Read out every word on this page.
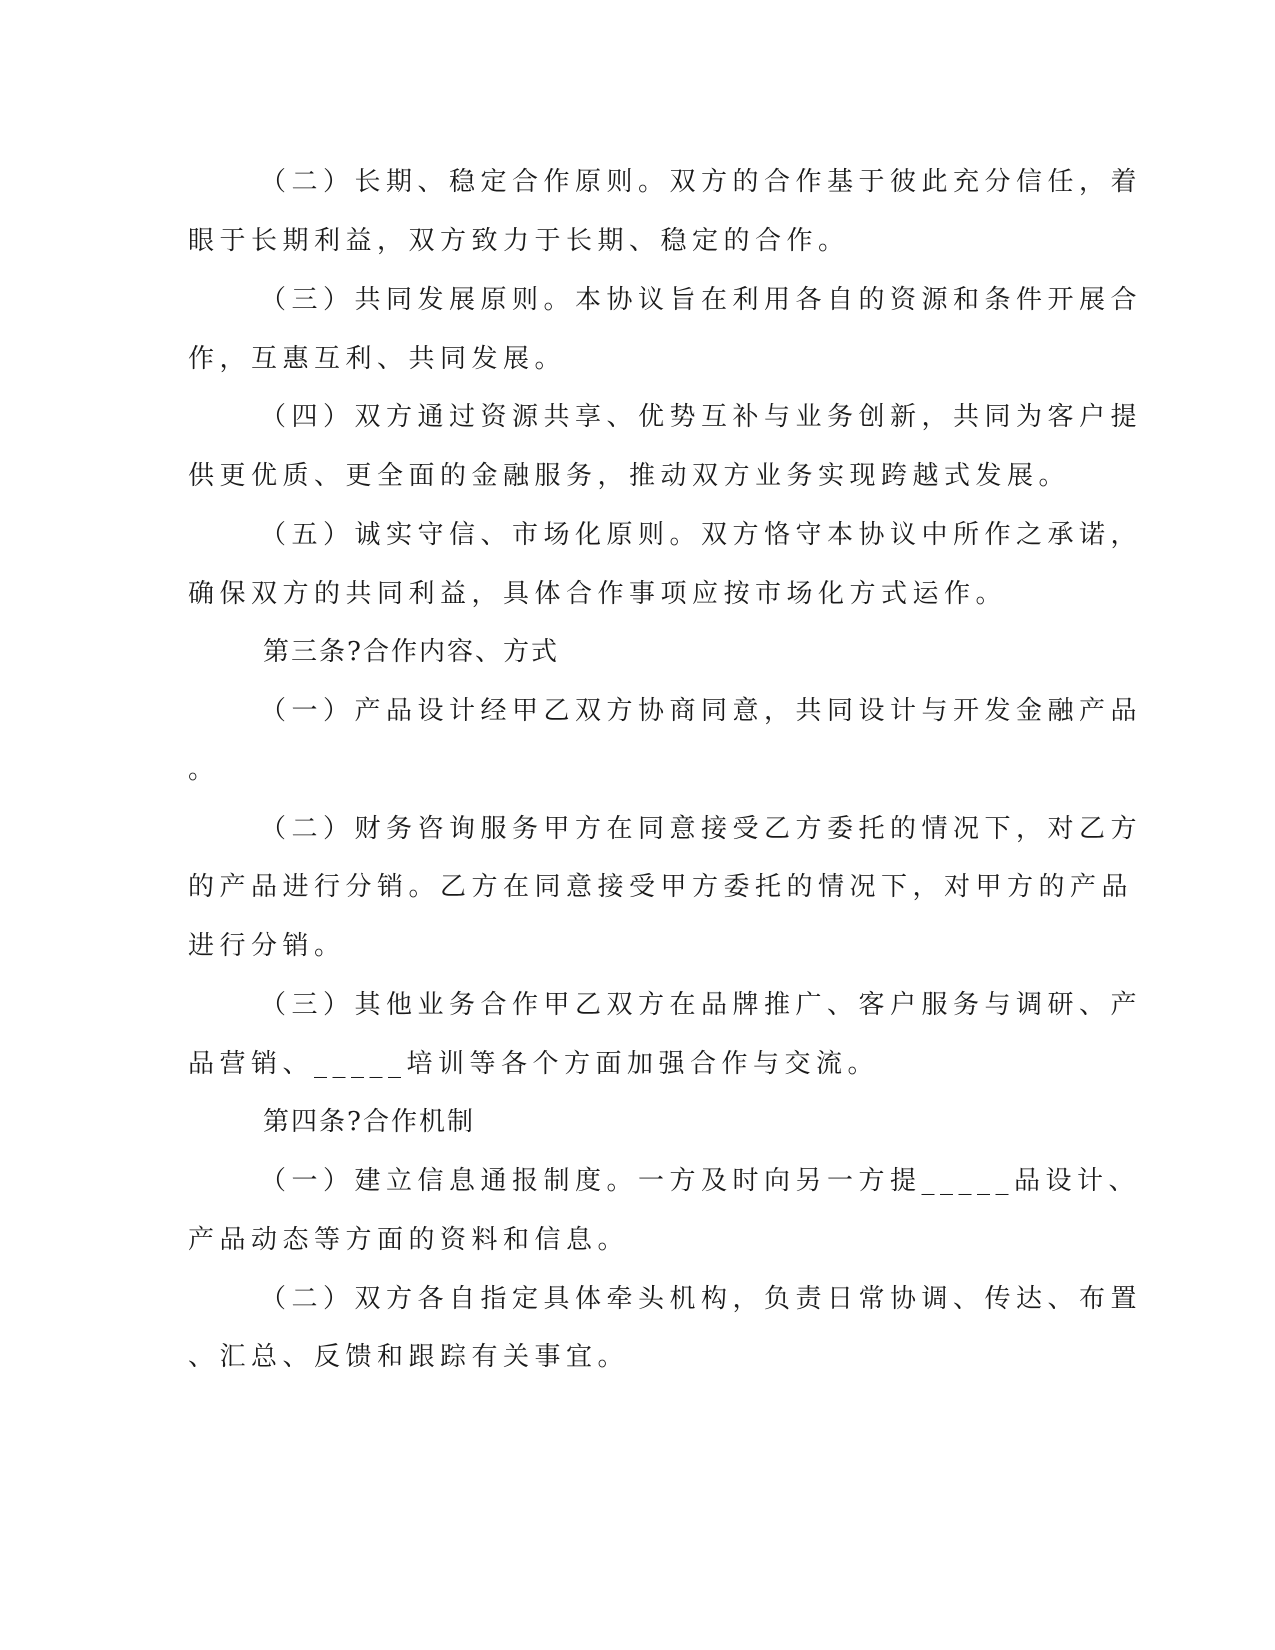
（二）长期、稳定合作原则。双方的合作基于彼此充分信任，着
眼于长期利益，双方致力于长期、稳定的合作。
（三）共同发展原则。本协议旨在利用各自的资源和条件开展合
作，互惠互利、共同发展。
（四）双方通过资源共享、优势互补与业务创新，共同为客户提
供更优质、更全面的金融服务，推动双方业务实现跨越式发展。
（五）诚实守信、市场化原则。双方恪守本协议中所作之承诺，
确保双方的共同利益，具体合作事项应按市场化方式运作。
第三条?合作内容、方式
（一）产品设计经甲乙双方协商同意，共同设计与开发金融产品
。
（二）财务咨询服务甲方在同意接受乙方委托的情况下，对乙方
的产品进行分销。乙方在同意接受甲方委托的情况下，对甲方的产品
进行分销。
（三）其他业务合作甲乙双方在品牌推广、客户服务与调研、产
品营销、_____培训等各个方面加强合作与交流。
第四条?合作机制
（一）建立信息通报制度。一方及时向另一方提_____品设计、
产品动态等方面的资料和信息。
（二）双方各自指定具体牵头机构，负责日常协调、传达、布置
、汇总、反馈和跟踪有关事宜。
